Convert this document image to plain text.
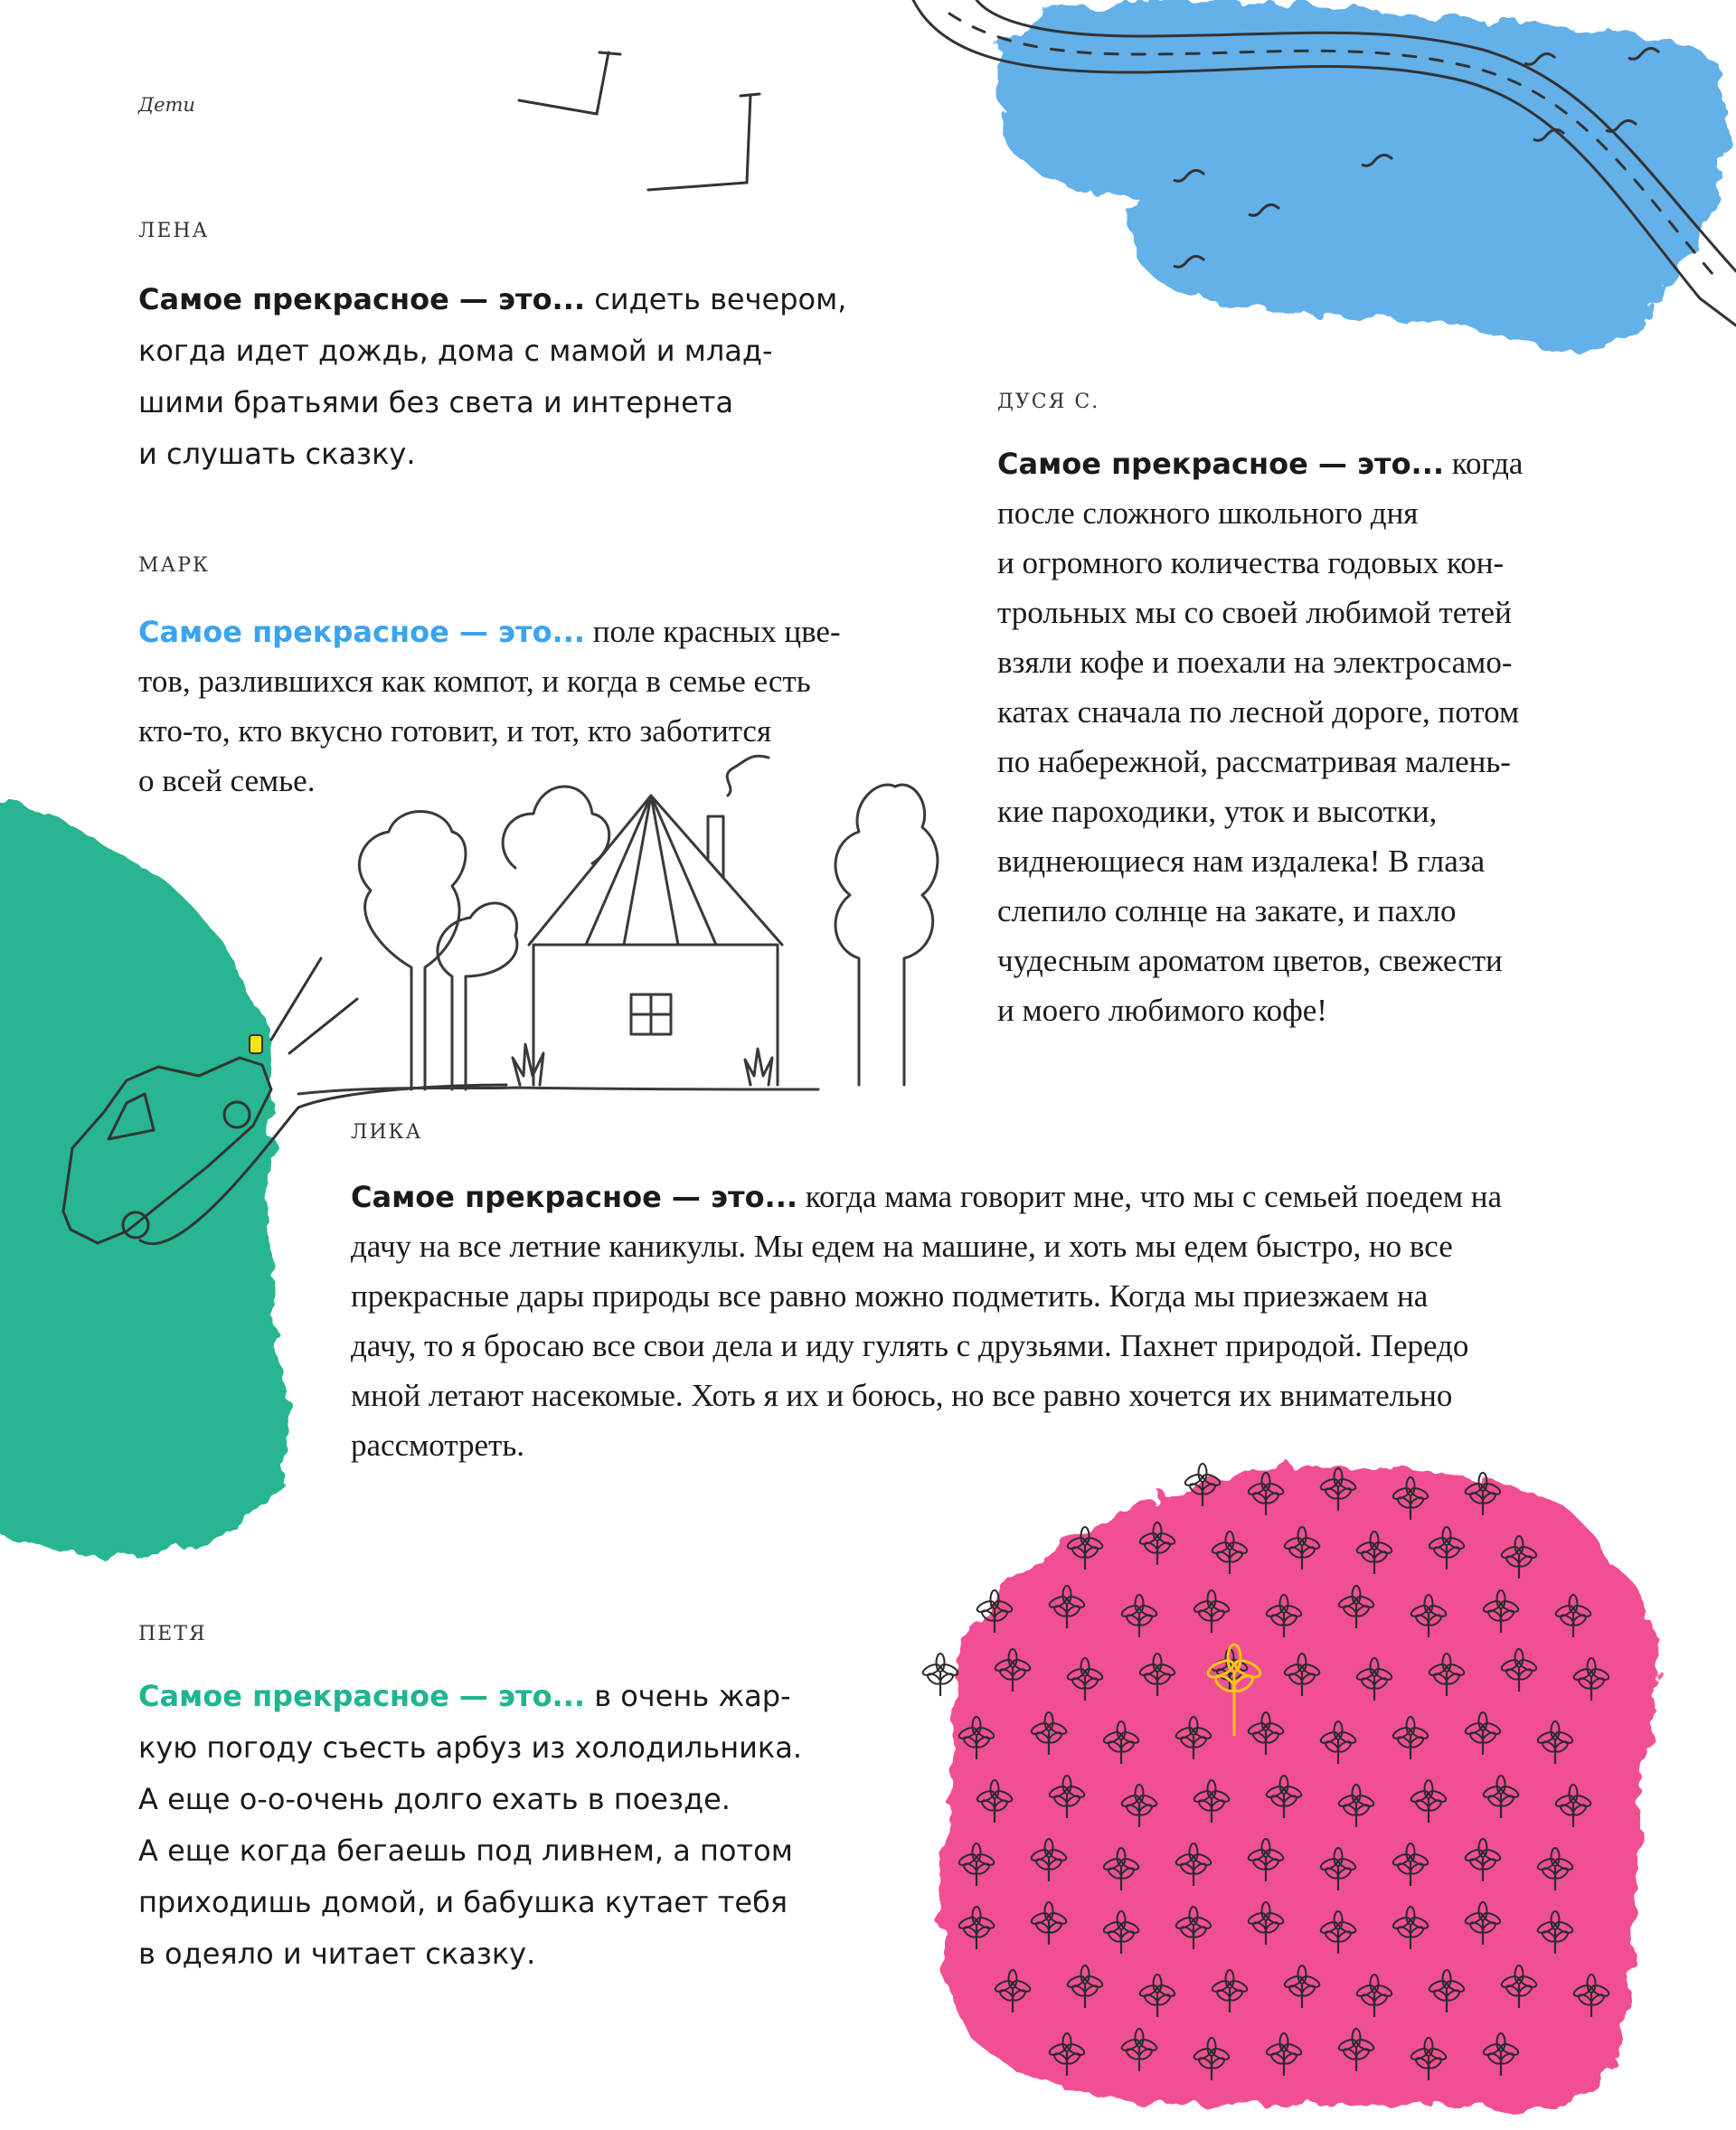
Дети
ЛЕНА
Самое прекрасное — это... сидеть вечером,
когда идет дождь, дома с мамой и млад-
шими братьями без света и интернета
и слушать сказку.
МАРК
Самое прекрасное — это... поле красных цве-
тов, разлившихся как компот, и когда в семье есть
кто-то, кто вкусно готовит, и тот, кто заботится
о всей семье.
ДУСЯ С.
Самое прекрасное — это... когда
после сложного школьного дня
и огромного количества годовых кон-
трольных мы со своей любимой тетей
взяли кофе и поехали на электросамо-
катах сначала по лесной дороге, потом
по набережной, рассматривая малень-
кие пароходики, уток и высотки,
виднеющиеся нам издалека! В глаза
слепило солнце на закате, и пахло
чудесным ароматом цветов, свежести
и моего любимого кофе!
ЛИКА
Самое прекрасное — это... когда мама говорит мне, что мы с семьей поедем на
дачу на все летние каникулы. Мы едем на машине, и хоть мы едем быстро, но все
прекрасные дары природы все равно можно подметить. Когда мы приезжаем на
дачу, то я бросаю все свои дела и иду гулять с друзьями. Пахнет природой. Передо
мной летают насекомые. Хоть я их и боюсь, но все равно хочется их внимательно
рассмотреть.
ПЕТЯ
Самое прекрасное — это... в очень жар-
кую погоду съесть арбуз из холодильника.
А еще о-о-очень долго ехать в поезде.
А еще когда бегаешь под ливнем, а потом
приходишь домой, и бабушка кутает тебя
в одеяло и читает сказку.
